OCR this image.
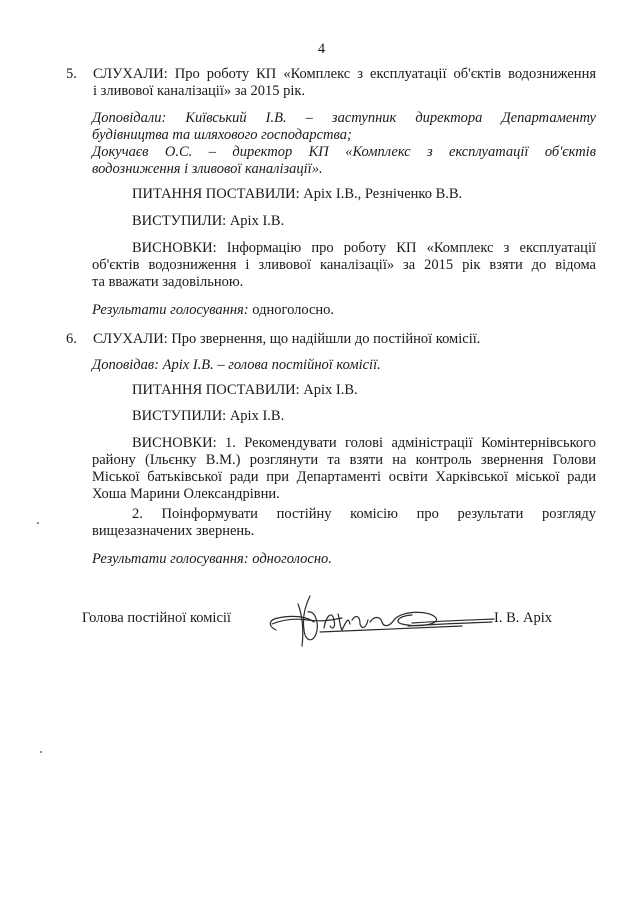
4
5. СЛУХАЛИ: Про роботу КП «Комплекс з експлуатації об'єктів водозниження
і зливової каналізації» за 2015 рік.
Доповідали: Київський І.В. – заступник директора Департаменту
будівництва та шляхового господарства;
Докучаєв О.С. – директор КП «Комплекс з експлуатації об'єктів
водозниження і зливової каналізації».
ПИТАННЯ ПОСТАВИЛИ: Аріх І.В., Резніченко В.В.
ВИСТУПИЛИ: Аріх І.В.
ВИСНОВКИ: Інформацію про роботу КП «Комплекс з експлуатації
об'єктів водозниження і зливової каналізації» за 2015 рік взяти до відома
та вважати задовільною.
Результати голосування: одноголосно.
6. СЛУХАЛИ: Про звернення, що надійшли до постійної комісії.
Доповідав: Аріх І.В. – голова постійної комісії.
ПИТАННЯ ПОСТАВИЛИ: Аріх І.В.
ВИСТУПИЛИ: Аріх І.В.
ВИСНОВКИ: 1. Рекомендувати голові адміністрації Комінтернівського
району (Ільєнку В.М.) розглянути та взяти на контроль звернення Голови
Міської батьківської ради при Департаменті освіти Харківської міської ради
Хоша Марини Олександрівни.
2. Поінформувати постійну комісію про результати розгляду
вищезазначених звернень.
Результати голосування: одноголосно.
Голова постійної комісії	І. В. Аріх
